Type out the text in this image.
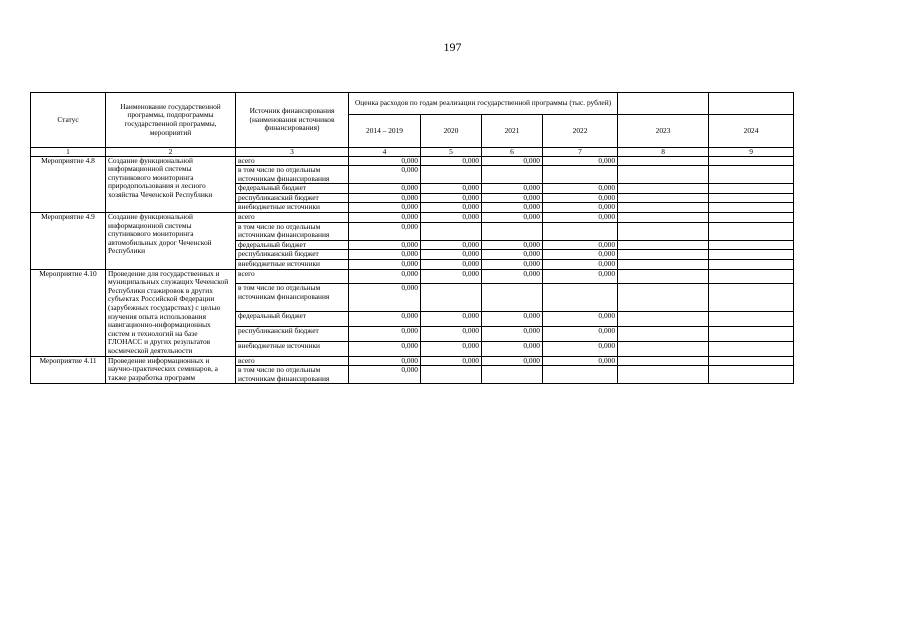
197
Статус	Наименование государственной программы, подпрограммы государственной программы, мероприятий	Источник финансирования (наименования источников финансирования)	Оценка расходов по годам реализации государственной программы (тыс. рублей)					
			2014 – 2019	2020	2021	2022	2023	2024
1	2	3	4	5	6	7	8	9
Мероприятие 4.8	Создание функциональной информационной системы спутникового мониторинга природопользования и лесного хозяйства Чеченской Республики	всего	0,000	0,000	0,000	0,000		
		в том числе по отдельным источникам финансирования	0,000					
		федеральный бюджет	0,000	0,000	0,000	0,000		
		республиканский бюджет	0,000	0,000	0,000	0,000		
		внебюджетные источники	0,000	0,000	0,000	0,000		
Мероприятие 4.9	Создание функциональной информационной системы спутникового мониторинга автомобильных дорог Чеченской Республики	всего	0,000	0,000	0,000	0,000		
		в том числе по отдельным источникам финансирования	0,000					
		федеральный бюджет	0,000	0,000	0,000	0,000		
		республиканский бюджет	0,000	0,000	0,000	0,000		
		внебюджетные источники	0,000	0,000	0,000	0,000		
Мероприятие 4.10	Проведение для государственных и муниципальных служащих Чеченской Республики стажировок в других субъектах Российской Федерации (зарубежных государствах) с целью изучения опыта использования навигационно-информационных систем и технологий на базе ГЛОНАСС и других результатов космической деятельности	всего	0,000	0,000	0,000	0,000		
		в том числе по отдельным источникам финансирования	0,000					
		федеральный бюджет	0,000	0,000	0,000	0,000		
		республиканский бюджет	0,000	0,000	0,000	0,000		
		внебюджетные источники	0,000	0,000	0,000	0,000		
Мероприятие 4.11	Проведение информационных и научно-практических семинаров, а также разработка программ	всего	0,000	0,000	0,000	0,000		
		в том числе по отдельным источникам финансирования	0,000					
